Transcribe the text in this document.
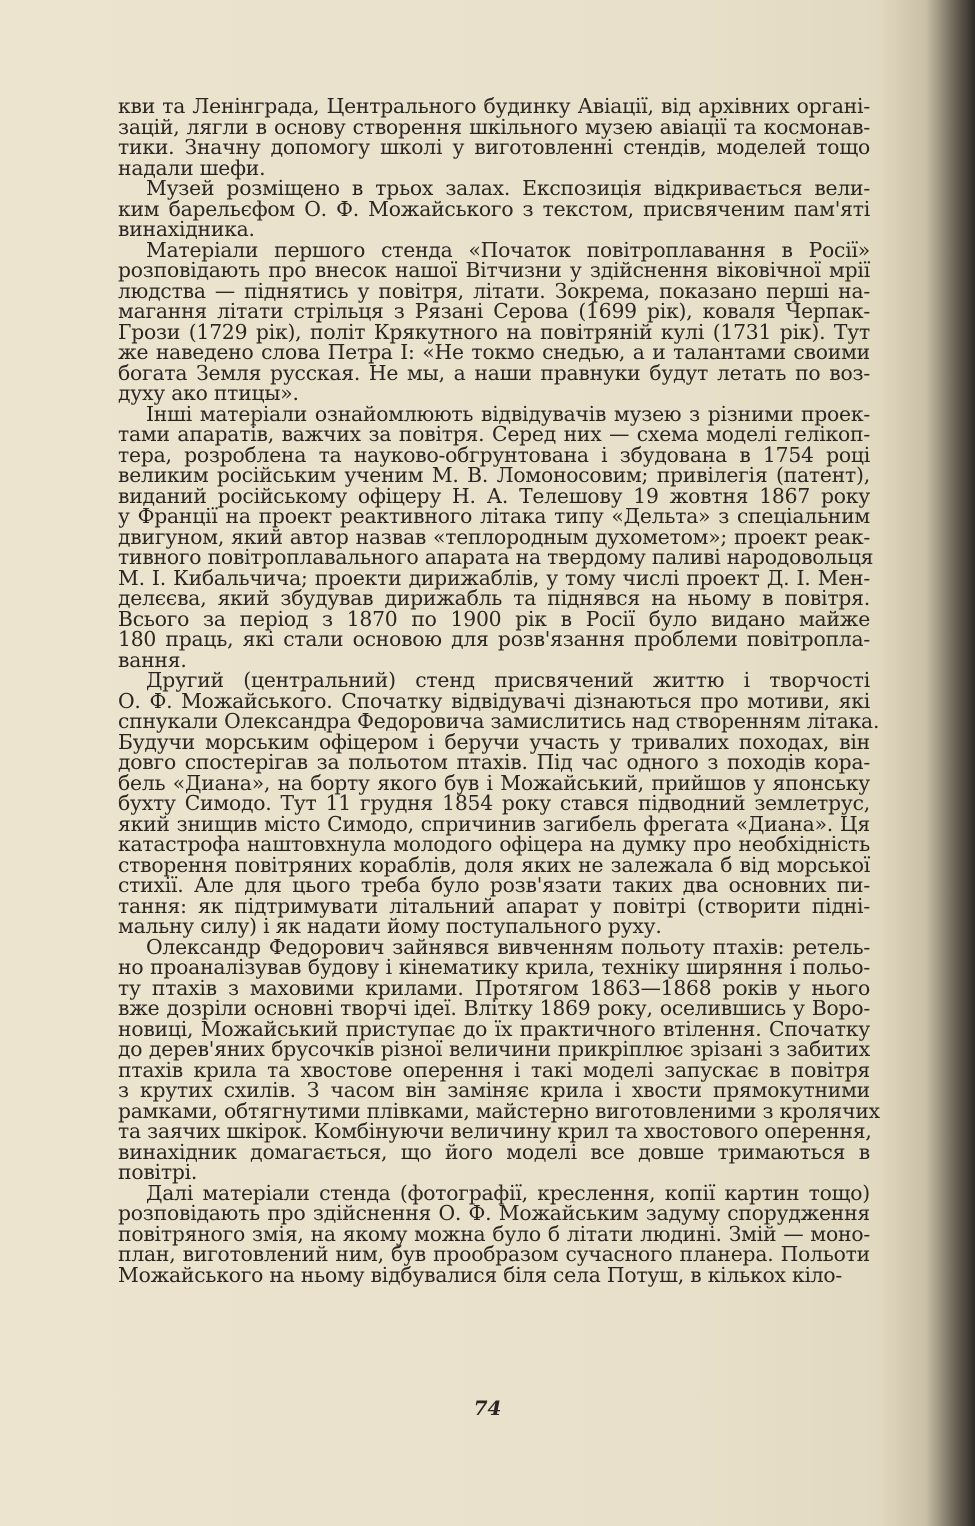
кви та Ленінграда, Центрального будинку Авіації, від архівних органі-
зацій, лягли в основу створення шкільного музею авіації та космонав-
тики. Значну допомогу школі у виготовленні стендів, моделей тощо
надали шефи.
Музей розміщено в трьох залах. Експозиція відкривається вели-
ким барельєфом О. Ф. Можайського з текстом, присвяченим пам'яті
винахідника.
Матеріали першого стенда «Початок повітроплавання в Росії»
розповідають про внесок нашої Вітчизни у здійснення віковічної мрії
людства — піднятись у повітря, літати. Зокрема, показано перші на-
магання літати стрільця з Рязані Серова (1699 рік), коваля Черпак-
Грози (1729 рік), політ Крякутного на повітряній кулі (1731 рік). Тут
же наведено слова Петра I: «Не токмо снедью, а и талантами своими
богата Земля русская. Не мы, а наши правнуки будут летать по воз-
духу ако птицы».
Інші матеріали ознайомлюють відвідувачів музею з різними проек-
тами апаратів, важчих за повітря. Серед них — схема моделі гелікоп-
тера, розроблена та науково-обгрунтована і збудована в 1754 році
великим російським ученим М. В. Ломоносовим; привілегія (патент),
виданий російському офіцеру Н. А. Телешову 19 жовтня 1867 року
у Франції на проект реактивного літака типу «Дельта» з спеціальним
двигуном, який автор назвав «теплородным духометом»; проект реак-
тивного повітроплавального апарата на твердому паливі народовольця
М. І. Кибальчича; проекти дирижаблів, у тому числі проект Д. І. Мен-
делєєва, який збудував дирижабль та піднявся на ньому в повітря.
Всього за період з 1870 по 1900 рік в Росії було видано майже
180 праць, які стали основою для розв'язання проблеми повітропла-
вання.
Другий (центральний) стенд присвячений життю і творчості
О. Ф. Можайського. Спочатку відвідувачі дізнаються про мотиви, які
спнукали Олександра Федоровича замислитись над створенням літака.
Будучи морським офіцером і беручи участь у тривалих походах, він
довго спостерігав за польотом птахів. Під час одного з походів кора-
бель «Диана», на борту якого був і Можайський, прийшов у японську
бухту Симодо. Тут 11 грудня 1854 року стався підводний землетрус,
який знищив місто Симодо, спричинив загибель фрегата «Диана». Ця
катастрофа наштовхнула молодого офіцера на думку про необхідність
створення повітряних кораблів, доля яких не залежала б від морської
стихії. Але для цього треба було розв'язати таких два основних пи-
тання: як підтримувати літальний апарат у повітрі (створити підні-
мальну силу) і як надати йому поступального руху.
Олександр Федорович зайнявся вивченням польоту птахів: ретель-
но проаналізував будову і кінематику крила, техніку ширяння і польо-
ту птахів з маховими крилами. Протягом 1863—1868 років у нього
вже дозріли основні творчі ідеї. Влітку 1869 року, оселившись у Воро-
новиці, Можайський приступає до їх практичного втілення. Спочатку
до дерев'яних брусочків різної величини прикріплює зрізані з забитих
птахів крила та хвостове оперення і такі моделі запускає в повітря
з крутих схилів. З часом він заміняє крила і хвости прямокутними
рамками, обтягнутими плівками, майстерно виготовленими з кролячих
та заячих шкірок. Комбінуючи величину крил та хвостового оперення,
винахідник домагається, що його моделі все довше тримаються в
повітрі.
Далі матеріали стенда (фотографії, креслення, копії картин тощо)
розповідають про здійснення О. Ф. Можайським задуму спорудження
повітряного змія, на якому можна було б літати людині. Змій — моно-
план, виготовлений ним, був прообразом сучасного планера. Польоти
Можайського на ньому відбувалися біля села Потуш, в кількох кіло-
74
